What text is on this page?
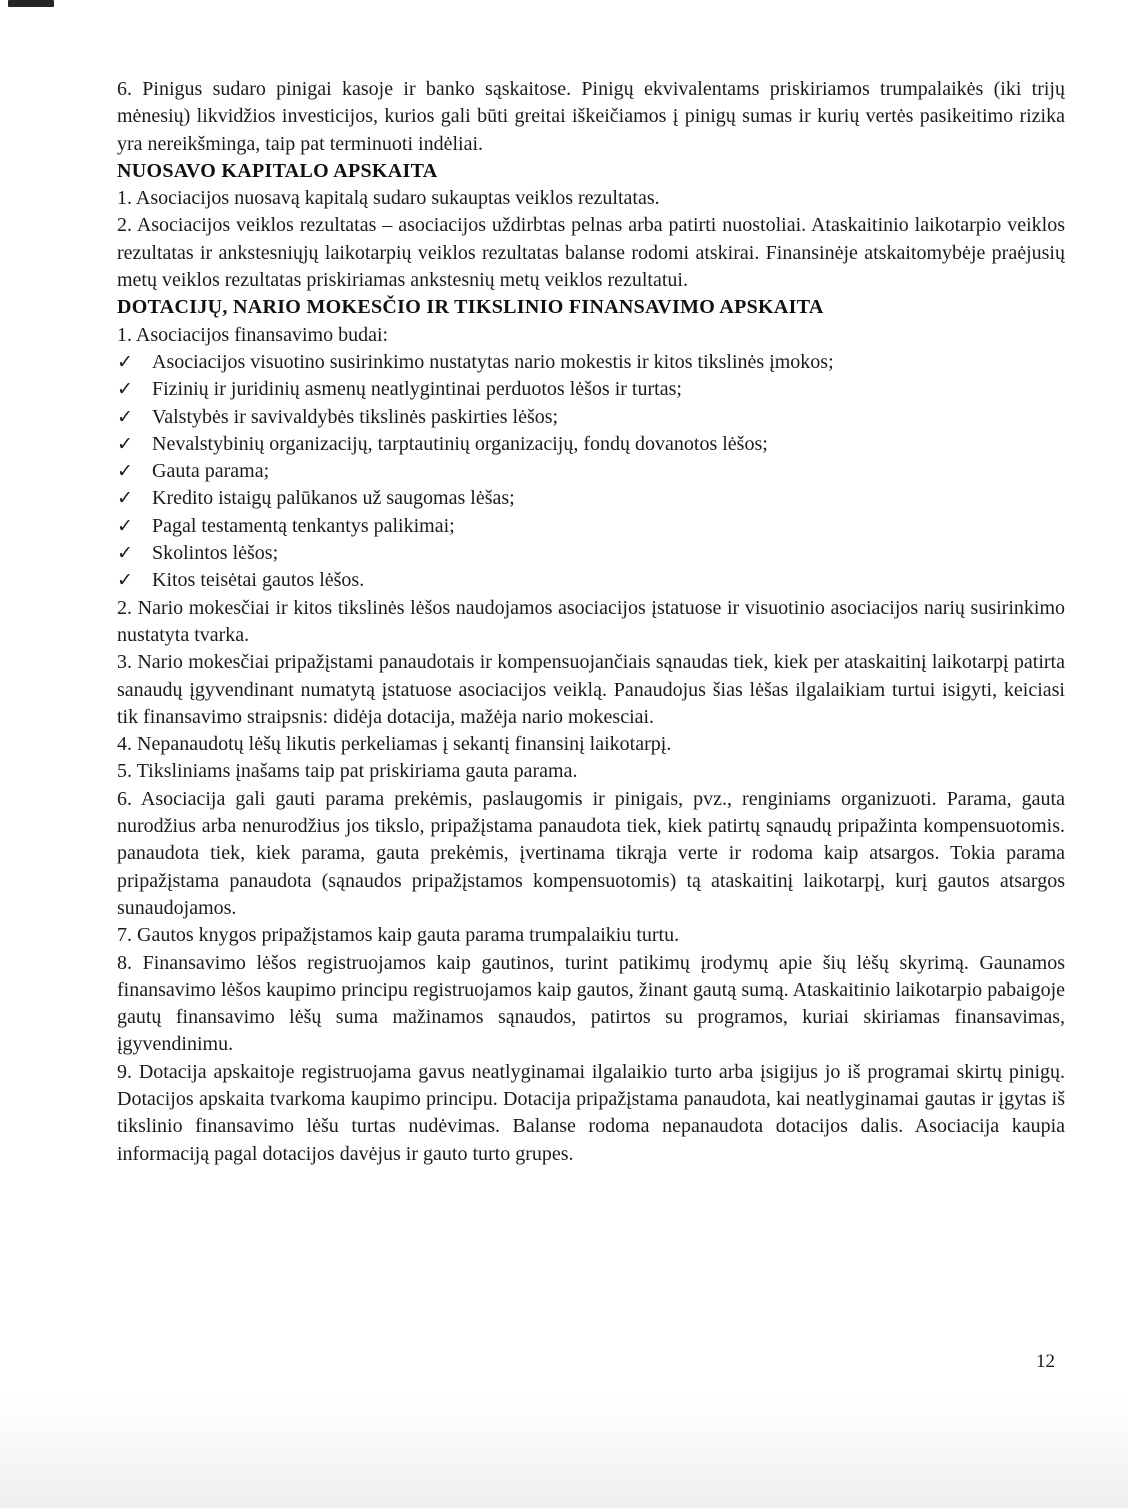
6. Pinigus sudaro pinigai kasoje ir banko sąskaitose. Pinigų ekvivalentams priskiriamos trumpalaikės (iki trijų mėnesių) likvidžios investicijos, kurios gali būti greitai iškeičiamos į pinigų sumas ir kurių vertės pasikeitimo rizika yra nereikšminga, taip pat terminuoti indėliai.

NUOSAVO KAPITALO APSKAITA

1. Asociacijos nuosavą kapitalą sudaro sukauptas veiklos rezultatas.

2. Asociacijos veiklos rezultatas – asociacijos uždirbtas pelnas arba patirti nuostoliai. Ataskaitinio laikotarpio veiklos rezultatas ir ankstesniųjų laikotarpių veiklos rezultatas balanse rodomi atskirai. Finansinėje atskaitomybėje praėjusių metų veiklos rezultatas priskiriamas ankstesnių metų veiklos rezultatui.

DOTACIJŲ, NARIO MOKESČIO IR TIKSLINIO FINANSAVIMO APSKAITA

1. Asociacijos finansavimo budai:

✓ Asociacijos visuotino susirinkimo nustatytas nario mokestis ir kitos tikslinės įmokos;
✓ Fizinių ir juridinių asmenų neatlygintinai perduotos lėšos ir turtas;
✓ Valstybės ir savivaldybės tikslinės paskirties lėšos;
✓ Nevalstybinių organizacijų, tarptautinių organizacijų, fondų dovanotos lėšos;
✓ Gauta parama;
✓ Kredito istaigų palūkanos už saugomas lėšas;
✓ Pagal testamentą tenkantys palikimai;
✓ Skolintos lėšos;
✓ Kitos teisėtai gautos lėšos.

2. Nario mokesčiai ir kitos tikslinės lėšos naudojamos asociacijos įstatuose ir visuotinio asociacijos narių susirinkimo nustatyta tvarka.

3. Nario mokesčiai pripažįstami panaudotais ir kompensuojančiais sąnaudas tiek, kiek per ataskaitinį laikotarpį patirta sanaudų įgyvendinant numatytą įstatuose asociacijos veiklą. Panaudojus šias lėšas ilgalaikiam turtui isigyti, keiciasi tik finansavimo straipsnis: didėja dotacija, mažėja nario mokesciai.

4. Nepanaudotų lėšų likutis perkeliamas į sekantį finansinį laikotarpį.

5. Tiksliniams įnašams taip pat priskiriama gauta parama.

6. Asociacija gali gauti parama prekėmis, paslaugomis ir pinigais, pvz., renginiams organizuoti. Parama, gauta nurodžius arba nenurodžius jos tikslo, pripažįstama panaudota tiek, kiek patirtų sąnaudų pripažinta kompensuotomis. panaudota tiek, kiek parama, gauta prekėmis, įvertinama tikrąja verte ir rodoma kaip atsargos. Tokia parama pripažįstama panaudota (sąnaudos pripažįstamos kompensuotomis) tą ataskaitinį laikotarpį, kurį gautos atsargos sunaudojamos.

7. Gautos knygos pripažįstamos kaip gauta parama trumpalaikiu turtu.

8. Finansavimo lėšos registruojamos kaip gautinos, turint patikimų įrodymų apie šių lėšų skyrimą. Gaunamos finansavimo lėšos kaupimo principu registruojamos kaip gautos, žinant gautą sumą. Ataskaitinio laikotarpio pabaigoje gautų finansavimo lėšų suma mažinamos sąnaudos, patirtos su programos, kuriai skiriamas finansavimas, įgyvendinimu.

9. Dotacija apskaitoje registruojama gavus neatlyginamai ilgalaikio turto arba įsigijus jo iš programai skirtų pinigų. Dotacijos apskaita tvarkoma kaupimo principu. Dotacija pripažįstama panaudota, kai neatlyginamai gautas ir įgytas iš tikslinio finansavimo lėšu turtas nudėvimas. Balanse rodoma nepanaudota dotacijos dalis. Asociacija kaupia informaciją pagal dotacijos davėjus ir gauto turto grupes.

12
